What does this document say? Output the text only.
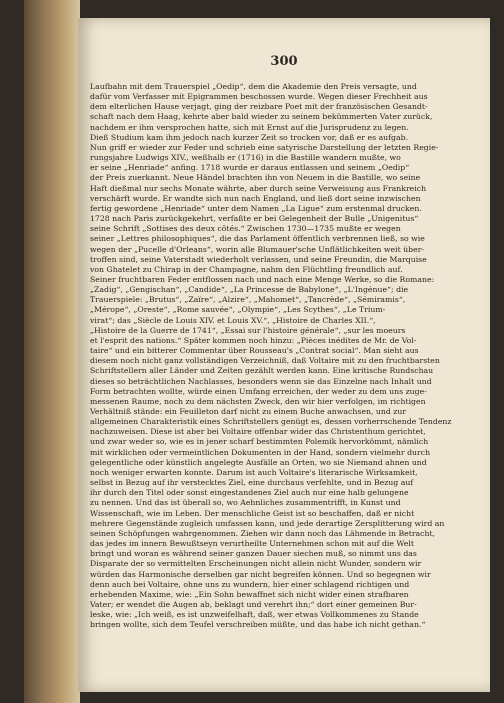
300
Laufbahn mit dem Trauerspiel „Oedip“, dem die Akademie den Preis versagte, und
dafür vom Verfasser mit Epigrammen beschossen wurde. Wegen dieser Frechheit aus
dem elterlichen Hause verjagt, ging der reizbare Poet mit der französischen Gesandt-
schaft nach dem Haag, kehrte aber bald wieder zu seinem bekümmerten Vater zurück,
nachdem er ihm versprochen hatte, sich mit Ernst auf die Jurisprudenz zu legen.
Dieß Studium kam ihm jedoch nach kurzer Zeit so trocken vor, daß er es aufgab.
Nun griff er wieder zur Feder und schrieb eine satyrische Darstellung der letzten Regie-
rungsjahre Ludwigs XIV., weßhalb er (1716) in die Bastille wandern mußte, wo
er seine „Henriade“ anfing. 1718 wurde er daraus entlassen und seinem „Oedip“
der Preis zuerkannt. Neue Händel brachten ihn von Neuem in die Bastille, wo seine
Haft dießmal nur sechs Monate währte, aber durch seine Verweisung aus Frankreich
verschärft wurde. Er wandte sich nun nach England, und ließ dort seine inzwischen
fertig gewordene „Henriade“ unter dem Namen „La Ligue“ zum erstenmal drucken.
1728 nach Paris zurückgekehrt, verfaßte er bei Gelegenheit der Bulle „Unigenitus“
seine Schrift „Sottises des deux côtés.“ Zwischen 1730—1735 mußte er wegen
seiner „Lettres philosophiques“, die das Parlament öffentlich verbrennen ließ, so wie
wegen der „Pucelle d'Orleans“, worin alle Blumauer'sche Unflätlichkeiten weit über-
troffen sind, seine Vaterstadt wiederholt verlassen, und seine Freundin, die Marquise
von Ghatelet zu Chirap in der Champagne, nahm den Flüchtling freundlich auf.
Seiner fruchtbaren Feder entflossen nach und nach eine Menge Werke, so die Romane:
„Zadig“, „Gengischan“, „Candide“, „La Princesse de Babylone“, „L'Ingénue“; die
Trauerspiele: „Brutus“, „Zaïre“, „Alzire“, „Mahomet“, „Tancrède“, „Sémiramis“,
„Mérope“, „Oreste“, „Rome sauvée“, „Olympie“, „Les Scythes“, „Le Trium-
virat“; das „Siècle de Louis XIV. et Louis XV.“, „Histoire de Charles XII.“,
„Histoire de la Guerre de 1741“, „Essai sur l'histoire générale“, „sur les moeurs
et l'esprit des nations.“ Später kommen noch hinzu: „Pièces inédites de Mr. de Vol-
taire“ und ein bitterer Commentar über Rousseau's „Contrat social“. Man sieht aus
diesem noch nicht ganz vollständigen Verzeichniß, daß Voltaire mit zu den fruchtbarsten
Schriftstellern aller Länder und Zeiten gezählt werden kann. Eine kritische Rundschau
dieses so beträchtlichen Nachlasses, besonders wenn sie das Einzelne nach Inhalt und
Form betrachten wollte, würde einen Umfang erreichen, der weder zu dem uns zuge-
messenen Raume, noch zu dem nächsten Zweck, den wir hier verfolgen, im richtigen
Verhältniß stände: ein Feuilleton darf nicht zu einem Buche anwachsen, und zur
allgemeinen Charakteristik eines Schriftstellers genügt es, dessen vorherrschende Tendenz
nachzuweisen. Diese ist aber bei Voltaire offenbar wider das Christenthum gerichtet,
und zwar weder so, wie es in jener scharf bestimmten Polemik hervorkömmt, nämlich
mit wirklichen oder vermeintlichen Dokumenten in der Hand, sondern vielmehr durch
gelegentliche oder künstlich angelegte Ausfälle an Orten, wo sie Niemand ahnen und
noch weniger erwarten konnte. Darum ist auch Voltaire's literarische Wirksamkeit,
selbst in Bezug auf ihr verstecktes Ziel, eine durchaus verfehlte, und in Bezug auf
ihr durch den Titel oder sonst eingestandenes Ziel auch nur eine halb gelungene
zu nennen. Und das ist überall so, wo Aehnliches zusammentrifft, in Kunst und
Wissenschaft, wie im Leben. Der menschliche Geist ist so beschaffen, daß er nicht
mehrere Gegenstände zugleich umfassen kann, und jede derartige Zersplitterung wird an
seinen Schöpfungen wahrgenommen. Ziehen wir dann noch das Lähmende in Betracht,
das jedes im innern Bewußtseyn verurtheilte Unternehmen schon mit auf die Welt
bringt und woran es während seiner ganzen Dauer siechen muß, so nimmt uns das
Disparate der so vermittelten Erscheinungen nicht allein nicht Wunder, sondern wir
würden das Harmonische derselben gar nicht begreifen können. Und so begegnen wir
denn auch bei Voltaire, ohne uns zu wundern, hier einer schlagend richtigen und
erhebenden Maxime, wie: „Ein Sohn bewaffnet sich nicht wider einen strafbaren
Vater; er wendet die Augen ab, beklagt und verehrt ihn;“ dort einer gemeinen Bur-
leske, wie: „Ich weiß, es ist unzweifelhaft, daß, wer etwas Vollkommenes zu Stande
bringen wollte, sich dem Teufel verschreiben müßte, und das habe ich nicht gethan.“
